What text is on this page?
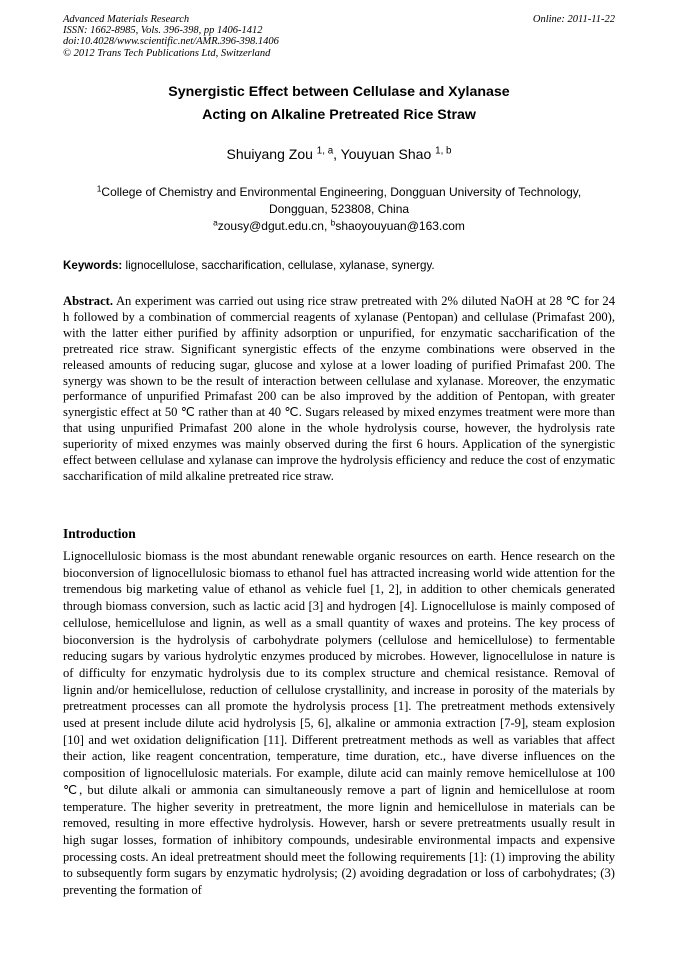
Advanced Materials Research
ISSN: 1662-8985, Vols. 396-398, pp 1406-1412
doi:10.4028/www.scientific.net/AMR.396-398.1406
© 2012 Trans Tech Publications Ltd, Switzerland
Online: 2011-11-22
Synergistic Effect between Cellulase and Xylanase
Acting on Alkaline Pretreated Rice Straw
Shuiyang Zou $^{1, a}$, Youyuan Shao $^{1, b}$
$^1$College of Chemistry and Environmental Engineering, Dongguan University of Technology,
Dongguan, 523808, China
$^a$zousy@dgut.edu.cn, $^b$shaoyouyuan@163.com
Keywords: lignocellulose, saccharification, cellulase, xylanase, synergy.

Abstract. An experiment was carried out using rice straw pretreated with 2% diluted NaOH at 28 ℃ for 24 h followed by a combination of commercial reagents of xylanase (Pentopan) and cellulase (Primafast 200), with the latter either purified by affinity adsorption or unpurified, for enzymatic saccharification of the pretreated rice straw. Significant synergistic effects of the enzyme combinations were observed in the released amounts of reducing sugar, glucose and xylose at a lower loading of purified Primafast 200. The synergy was shown to be the result of interaction between cellulase and xylanase. Moreover, the enzymatic performance of unpurified Primafast 200 can be also improved by the addition of Pentopan, with greater synergistic effect at 50 ℃ rather than at 40 ℃. Sugars released by mixed enzymes treatment were more than that using unpurified Primafast 200 alone in the whole hydrolysis course, however, the hydrolysis rate superiority of mixed enzymes was mainly observed during the first 6 hours. Application of the synergistic effect between cellulase and xylanase can improve the hydrolysis efficiency and reduce the cost of enzymatic saccharification of mild alkaline pretreated rice straw.

Introduction

Lignocellulosic biomass is the most abundant renewable organic resources on earth. Hence research on the bioconversion of lignocellulosic biomass to ethanol fuel has attracted increasing world wide attention for the tremendous big marketing value of ethanol as vehicle fuel [1, 2], in addition to other chemicals generated through biomass conversion, such as lactic acid [3] and hydrogen [4]. Lignocellulose is mainly composed of cellulose, hemicellulose and lignin, as well as a small quantity of waxes and proteins. The key process of bioconversion is the hydrolysis of carbohydrate polymers (cellulose and hemicellulose) to fermentable reducing sugars by various hydrolytic enzymes produced by microbes. However, lignocellulose in nature is of difficulty for enzymatic hydrolysis due to its complex structure and chemical resistance. Removal of lignin and/or hemicellulose, reduction of cellulose crystallinity, and increase in porosity of the materials by pretreatment processes can all promote the hydrolysis process [1]. The pretreatment methods extensively used at present include dilute acid hydrolysis [5, 6], alkaline or ammonia extraction [7-9], steam explosion [10] and wet oxidation delignification [11]. Different pretreatment methods as well as variables that affect their action, like reagent concentration, temperature, time duration, etc., have diverse influences on the composition of lignocellulosic materials. For example, dilute acid can mainly remove hemicellulose at 100 ℃, but dilute alkali or ammonia can simultaneously remove a part of lignin and hemicellulose at room temperature. The higher severity in pretreatment, the more lignin and hemicellulose in materials can be removed, resulting in more effective hydrolysis. However, harsh or severe pretreatments usually result in high sugar losses, formation of inhibitory compounds, undesirable environmental impacts and expensive processing costs. An ideal pretreatment should meet the following requirements [1]: (1) improving the ability to subsequently form sugars by enzymatic hydrolysis; (2) avoiding degradation or loss of carbohydrates; (3) preventing the formation of
